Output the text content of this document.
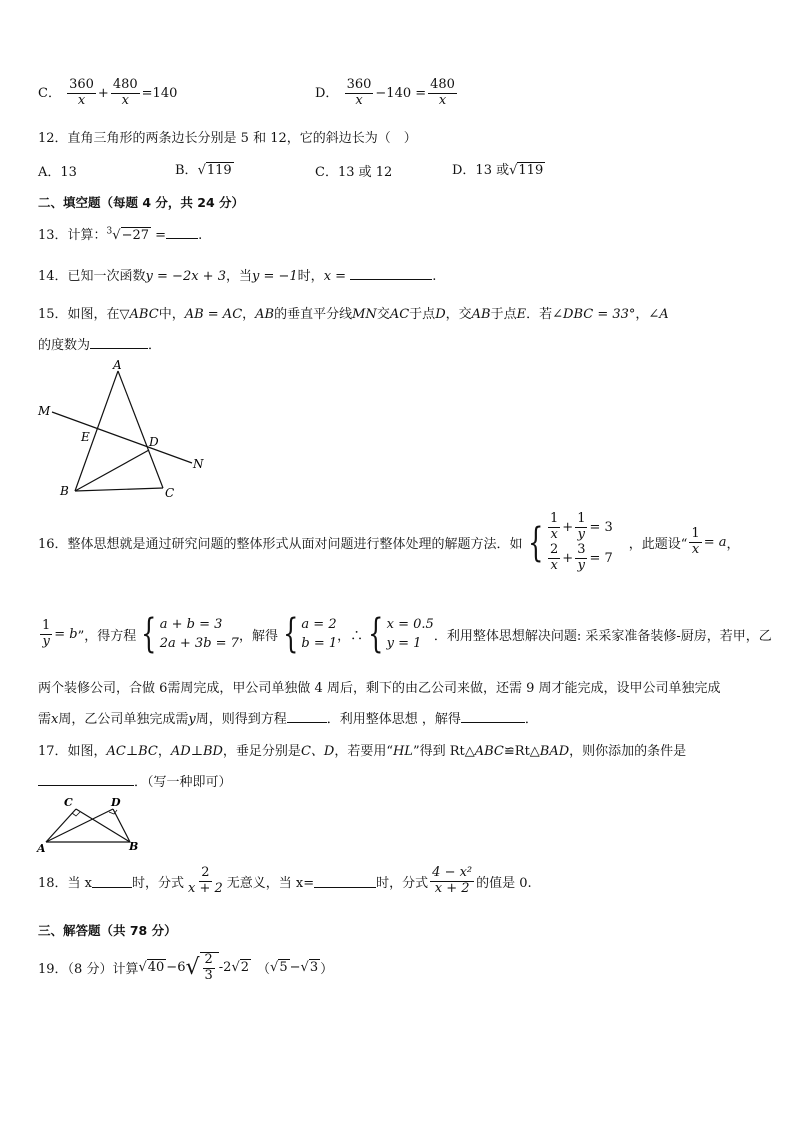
C． $\frac{360}{x} + \frac{480}{x} =140$	D． $\frac{360}{x} -140 = \frac{480}{x}$
12．直角三角形的两条边长分别是 5 和 12，它的斜边长为（　）
A．13	B．√119	C．13 或 12	D．13 或√119
二、填空题（每题 4 分，共 24 分）
13．计算：$^3$√−27 = .
14．已知一次函数y = −2x + 3，当y = −1时，x =	.
15．如图，在▽ABC中，AB = AC，AB的垂直平分线MN交AC于点D，交AB于点E．若∠DBC = 33°，∠A
的度数为	．
A
B	C
D
E
M
N
16．整体思想就是通过研究问题的整体形式从面对问题进行整体处理的解题方法．如 { $\frac{1}{x} + \frac{1}{y} = 3$
$\frac{2}{x} + \frac{3}{y} = 7$
，此题设“ $\frac{1}{x} = a$ ，
$\frac{1}{y} = b$ ”，得方程 { a + b = 3
2a + 3b = 7 ，解得 { a = 2
b = 1 ，∴ { x = 0.5
y = 1 ．利用整体思想解决问题: 采采家准备装修-厨房，若甲，乙
两个装修公司，合做 6需周完成，甲公司单独做 4 周后，剩下的由乙公司来做，还需 9 周才能完成，设甲公司单独完成
需x周，乙公司单独完成需y周，则得到方程	．利用整体思想 ，解得	．
17．如图，AC⊥BC，AD⊥BD，垂足分别是C、D，若要用“HL”得到 Rt△ABC≌Rt△BAD，则你添加的条件是
．（写一种即可）
C	D
A	B
18．当 x	时，分式 $\frac{2}{x + 2}$ 无意义，当 x=	时，分式 $\frac{\text{4 − x²}}{x + 2}$ 的值是 0.
三、解答题（共 78 分）
19．（8 分）计算 √40 −6 √ $\frac{2}{3} -2$ √2 （ √5 − √3 ）
